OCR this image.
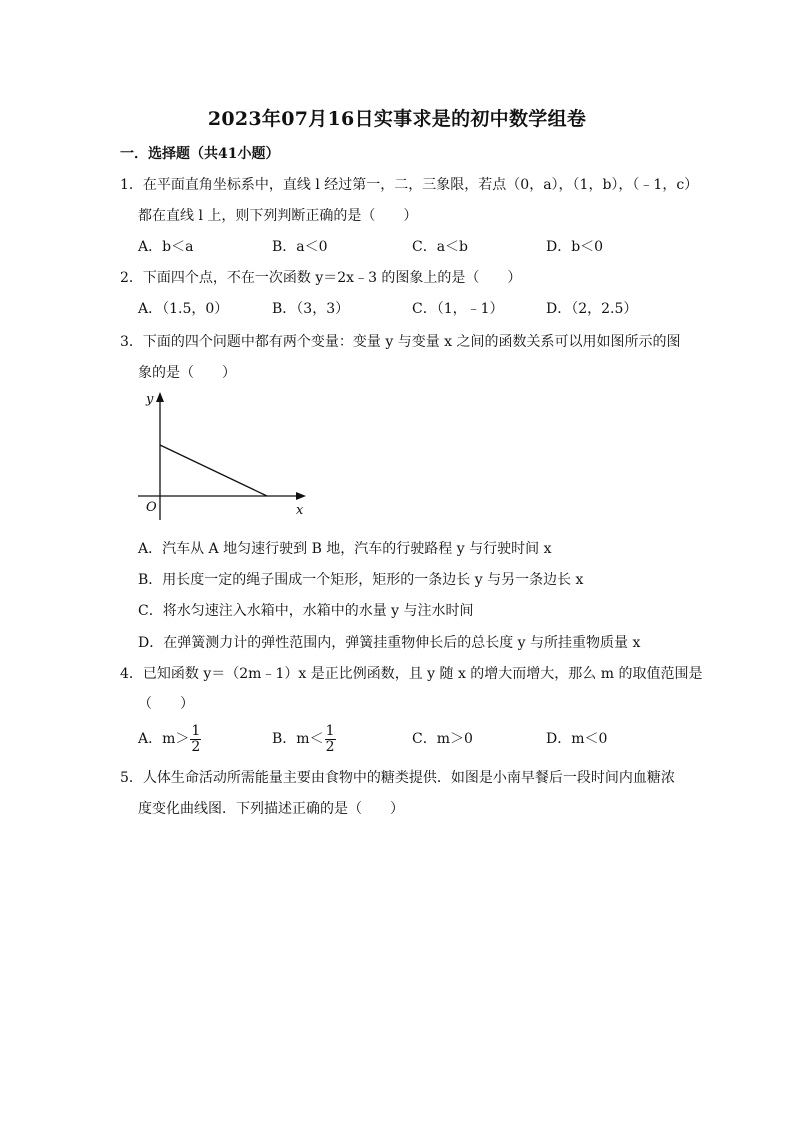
2023年07月16日实事求是的初中数学组卷
一．选择题（共41小题）
1．在平面直角坐标系中，直线 l 经过第一，二，三象限，若点（0，a），（1，b），（﹣1，c）
都在直线 l 上，则下列判断正确的是（　　）
A．b＜a	B．a＜0	C．a＜b	D．b＜0
2．下面四个点，不在一次函数 y＝2x﹣3 的图象上的是（　　）
A．（1.5，0）	B．（3，3）	C．（1，﹣1）	D．（2，2.5）
3．下面的四个问题中都有两个变量：变量 y 与变量 x 之间的函数关系可以用如图所示的图
象的是（　　）
y
x
O
A．汽车从 A 地匀速行驶到 B 地，汽车的行驶路程 y 与行驶时间 x
B．用长度一定的绳子围成一个矩形，矩形的一条边长 y 与另一条边长 x
C．将水匀速注入水箱中，水箱中的水量 y 与注水时间
D．在弹簧测力计的弹性范围内，弹簧挂重物伸长后的总长度 y 与所挂重物质量 x
4．已知函数 y＝（2m﹣1）x 是正比例函数，且 y 随 x 的增大而增大，那么 m 的取值范围是
（　　）
A．$m> \frac{1}{2}$	B．$m< \frac{1}{2}$	C．m＞0	D．m＜0
5．人体生命活动所需能量主要由食物中的糖类提供．如图是小南早餐后一段时间内血糖浓
度变化曲线图．下列描述正确的是（　　）
